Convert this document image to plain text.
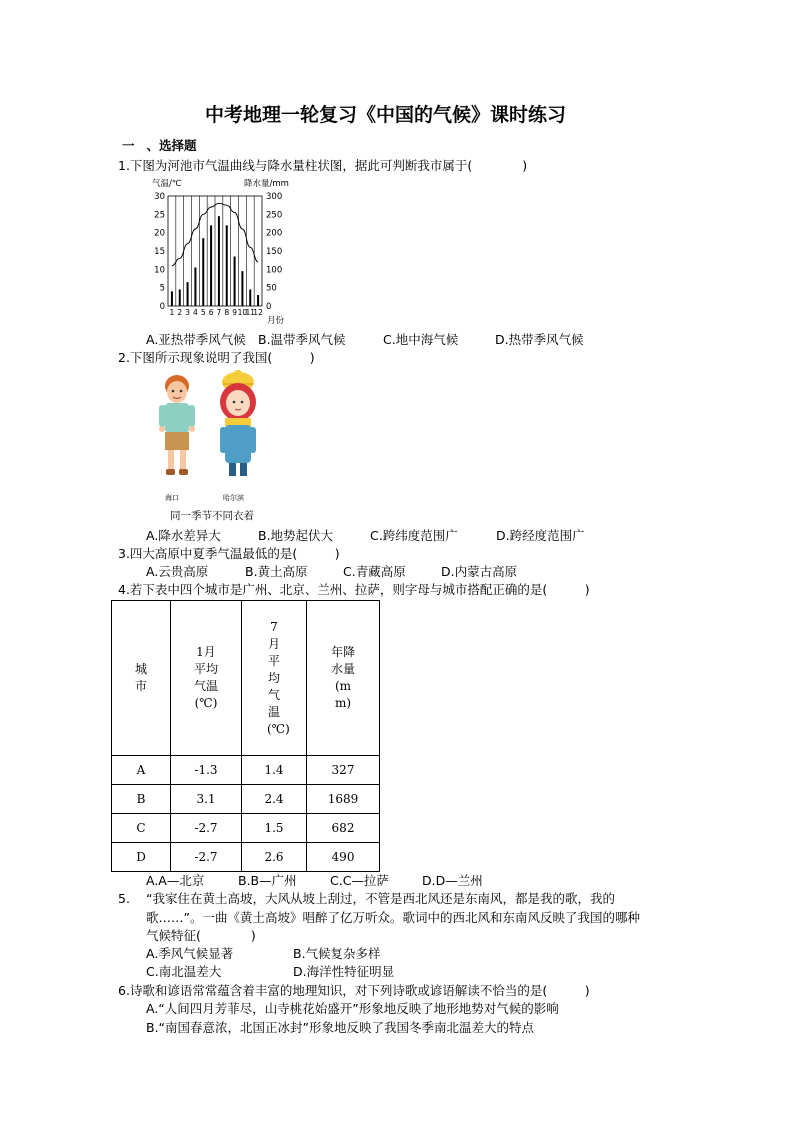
中考地理一轮复习《中国的气候》课时练习
一 、选择题
1.下图为河池市气温曲线与降水量柱状图，据此可判断我市属于(　　　　)
气温/℃	降水量/mm
30
25
20
15
10
5
0
300
250
200
150
100
50
0
1 2 3 4 5 6 7 8 9 10
11
12
月份
A.亚热带季风气候 B.温带季风气候	C.地中海气候	D.热带季风气候
2.下图所示现象说明了我国(　　　)
海口	哈尔滨
同一季节不同衣着
A.降水差异大	B.地势起伏大	C.跨纬度范围广	D.跨经度范围广
3.四大高原中夏季气温最低的是(　　　)
A.云贵高原	B.黄土高原	C.青藏高原	D.内蒙古高原
4.若下表中四个城市是广州、北京、兰州、拉萨，则字母与城市搭配正确的是(　　　)
城市	1月平均气温(℃)	7月平均气温(℃)	年降水量(mm)
A	-1.3	1.4	327
B	3.1	2.4	1689
C	-2.7	1.5	682
D	-2.7	2.6	490
A.A—北京	B.B—广州	C.C—拉萨	D.D—兰州
5. “我家住在黄土高坡，大风从坡上刮过，不管是西北风还是东南风，都是我的歌，我的
歌……”。一曲《黄土高坡》唱醉了亿万听众。歌词中的西北风和东南风反映了我国的哪种
气候特征(　　　　)
A.季风气候显著	B.气候复杂多样
C.南北温差大	D.海洋性特征明显
6.诗歌和谚语常常蕴含着丰富的地理知识，对下列诗歌或谚语解读不恰当的是(　　　)
A.“人间四月芳菲尽，山寺桃花始盛开”形象地反映了地形地势对气候的影响
B.“南国春意浓，北国正冰封”形象地反映了我国冬季南北温差大的特点
